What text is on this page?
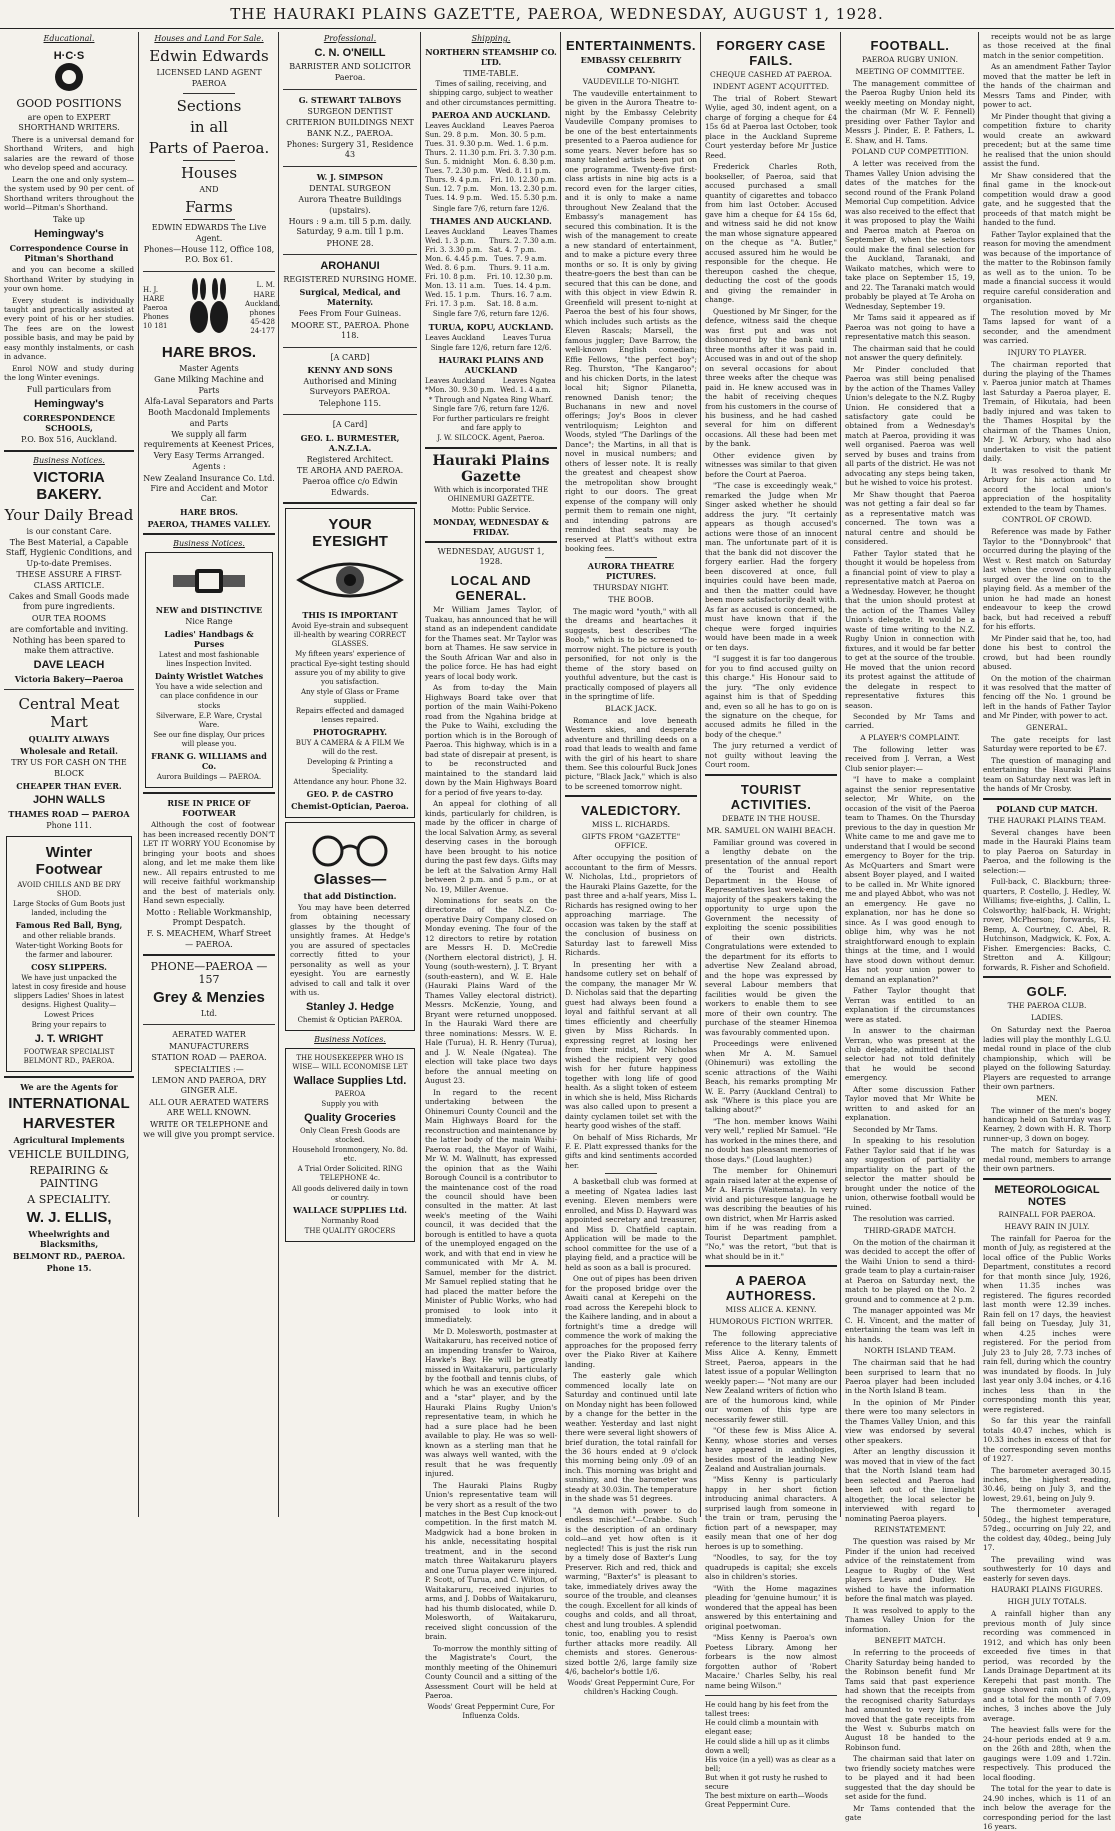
THE HAURAKI PLAINS GAZETTE, PAEROA, WEDNESDAY, AUGUST 1, 1928.
Educational.
H·C·S
GOOD POSITIONS
are open to EXPERT SHORTHAND WRITERS.
There is a universal demand for Shorthand Writers, and high salaries are the reward of those who develop speed and accuracy.
Learn the one and only system—the system used by 90 per cent. of Shorthand writers throughout the world—Pitman's Shorthand.
Take up
Hemingway's
Correspondence Course in Pitman's Shorthand
and you can become a skilled Shorthand Writer by studying in your own home.
Every student is individually taught and practically assisted at every point of his or her studies. The fees are on the lowest possible basis, and may be paid by easy monthly instalments, or cash in advance.
Enrol NOW and study during the long Winter evenings.
Full particulars from
Hemingway's
CORRESPONDENCE SCHOOLS,
P.O. Box 516, Auckland.
Business Notices.
VICTORIA BAKERY.
Your Daily Bread
is our constant Care.
The Best Material, a Capable Staff, Hygienic Conditions, and Up-to-date Premises.
THESE ASSURE A FIRST-CLASS ARTICLE.
Cakes and Small Goods made from pure ingredients.
OUR TEA ROOMS
are comfortable and inviting. Nothing has been spared to make them attractive.
DAVE LEACH
Victoria Bakery—Paeroa
Central Meat Mart
QUALITY ALWAYS
Wholesale and Retail.
TRY US FOR CASH ON THE BLOCK
CHEAPER THAN EVER.
JOHN WALLS
THAMES ROAD — PAEROA
Phone 111.
Winter Footwear
AVOID CHILLS AND BE DRY SHOD.
Large Stocks of Gum Boots just landed, including the
Famous Red Ball, Byng,
and other reliable brands.
Water-tight Working Boots for the farmer and labourer.
COSY SLIPPERS.
We have just unpacked the latest in cosy fireside and house slippers Ladies' Shoes in latest designs. Highest Quality—Lowest Prices
Bring your repairs to
J. T. WRIGHT
FOOTWEAR SPECIALIST BELMONT RD., PAEROA.
We are the Agents for
INTERNATIONAL
HARVESTER
Agricultural Implements
VEHICLE BUILDING,
REPAIRING & PAINTING
A SPECIALITY.
W. J. ELLIS,
Wheelwrights and Blacksmiths,
BELMONT RD., PAEROA.
Phone 15.
Houses and Land For Sale.
Edwin Edwards
LICENSED LAND AGENT
PAEROA
Sections
in all
Parts of Paeroa.
Houses
AND
Farms
EDWIN EDWARDS The Live Agent.
Phones—House 112, Office 108, P.O. Box 61.
H. J. HARE Paeroa Phones 10 181
L. M. HARE Auckland. phones 45-428 24-177
HARE BROS.
Master Agents
Gane Milking Machine and Parts
Alfa-Laval Separators and Parts
Booth Macdonald Implements and Parts
We supply all farm requirements at Keenest Prices, Very Easy Terms Arranged.
Agents :
New Zealand Insurance Co. Ltd. Fire and Accident and Motor Car.
HARE BROS.
PAEROA, THAMES VALLEY.
Business Notices.
NEW and DISTINCTIVE
Nice Range
Ladies' Handbags & Purses
Latest and most fashionable lines Inspection Invited.
Dainty Wristlet Watches
You have a wide selection and can place confidence in our stocks
Silverware, E.P. Ware, Crystal Ware.
See our fine display, Our prices will please you.
FRANK G. WILLIAMS and Co.
Aurora Buildings — PAEROA.
RISE IN PRICE OF FOOTWEAR
Although the cost of footwear has been increased recently DON'T LET IT WORRY YOU Economise by bringing your boots and shoes along, and let me make them like new.. All repairs entrusted to me will receive faithful workmanship and the best of materials only. Hand sewn especially.
Motto : Reliable Workmanship, Prompt Despatch.
F. S. MEACHEM, Wharf Street — PAEROA.
PHONE—PAEROA —157
Grey & Menzies
Ltd.
AERATED WATER
MANUFACTURERS
STATION ROAD — PAEROA.
SPECIALTIES :—
LEMON AND PAEROA, DRY GINGER ALE.
ALL OUR AERATED WATERS ARE WELL KNOWN.
WRITE OR TELEPHONE and we will give you prompt service.
Professional.
C. N. O'NEILL
BARRISTER AND SOLICITOR
Paeroa.
G. STEWART TALBOYS
SURGEON DENTIST
CRITERION BUILDINGS NEXT BANK N.Z., PAEROA.
Phones: Surgery 31, Residence 43
W. J. SIMPSON
DENTAL SURGEON
Aurora Theatre Buildings (upstairs).
Hours : 9 a.m. till 5 p.m. daily. Saturday, 9 a.m. till 1 p.m.
PHONE 28.
AROHANUI
REGISTERED NURSING HOME.
Surgical, Medical, and Maternity.
Fees From Four Guineas.
MOORE ST., PAEROA. Phone 118.
[A CARD]
KENNY AND SONS
Authorised and Mining Surveyors PAEROA.
Telephone 115.
[A Card]
GEO. L. BURMESTER, A.N.Z.I.A.
Registered Architect.
TE AROHA AND PAEROA.
Paeroa office c/o Edwin Edwards.
YOUR EYESIGHT
THIS IS IMPORTANT
Avoid Eye-strain and subsequent ill-health by wearing CORRECT GLASSES.
My fifteen years' experience of practical Eye-sight testing should assure you of my ability to give you satisfaction.
Any style of Glass or Frame supplied.
Repairs effected and damaged lenses repaired.
PHOTOGRAPHY.
BUY A CAMERA & A FILM We will do the rest.
Developing & Printing a Speciality.
Attendance any hour. Phone 32.
GEO. P. de CASTRO
Chemist-Optician, Paeroa.
Glasses—
that add Distinction.
You may have been deterred from obtaining necessary glasses by the thought of unsightly frames. At Hedge's you are assured of spectacles correctly fitted to your personality as well as your eyesight. You are earnestly advised to call and talk it over with us.
Stanley J. Hedge
Chemist & Optician PAEROA.
Business Notices.
THE HOUSEKEEPER WHO IS WISE— WILL ECONOMISE LET
Wallace Supplies Ltd.
PAEROA
Supply you with
Quality Groceries
Only Clean Fresh Goods are stocked.
Household Ironmongery, No. 8d. etc.
A Trial Order Solicited. RING TELEPHONE 4c.
All goods delivered daily in town or country.
WALLACE SUPPLIES Ltd.
Normanby Road
THE QUALITY GROCERS
Shipping.
NORTHERN STEAMSHIP CO. LTD.
TIME-TABLE.
Times of sailing, receiving, and shipping cargo, subject to weather and other circumstances permitting.
PAEROA AND AUCKLAND.
Leaves Auckland        Leaves Paeroa
Sun. 29. 8 p.m.     Mon. 30. 5 p.m.
Tues. 31. 9.30 p.m.  Wed. 1. 6 p.m.
Thurs. 2. 11.30 p.m. Fri. 3. 7.30 p.m.
Sun. 5. midnight    Mon. 6. 8.30 p.m.
Tues. 7. 2.30 p.m.   Wed. 8. 11 p.m.
Thurs. 9. 4 p.m.    Fri. 10. 12.30 p.m.
Sun. 12. 7 p.m.     Mon. 13. 2.30 p.m.
Tues. 14. 9 p.m.    Wed. 15. 5.30 p.m.
Single fare 7/6, return fare 12/6.
THAMES AND AUCKLAND.
Leaves Auckland        Leaves Thames
Wed. 1. 3 p.m.      Thurs. 2. 7.30 a.m.
Fri. 3. 3.30 p.m.   Sat. 4. 7 p.m.
Mon. 6. 4.45 p.m.   Tues. 7. 9 a.m.
Wed. 8. 6 p.m.      Thurs. 9. 11 a.m.
Fri. 10. 8 p.m.     Fri. 10. 12.30 p.m.
Mon. 13. 11 a.m.    Tues. 14. 4 p.m.
Wed. 15. 1 p.m.     Thurs. 16. 7 a.m.
Fri. 17. 3 p.m.     Sat. 18. 8 a.m.
Single fare 7/6, return fare 12/6.
TURUA, KOPU, AUCKLAND.
Leaves Auckland        Leaves Turua
Single fare 12/6, return fare 12/6.
HAURAKI PLAINS AND AUCKLAND
Leaves Auckland        Leaves Ngatea
*Mon. 30. 9.30 p.m.  Wed. 1. 4 a.m.
* Through and Ngatea Ring Wharf. Single fare 7/6, return fare 12/6.
For further particulars re freight and fare apply to
J. W. SILCOCK. Agent, Paeroa.
Hauraki Plains Gazette
With which is incorporated THE OHINEMURI GAZETTE.
Motto: Public Service.
MONDAY, WEDNESDAY & FRIDAY.
WEDNESDAY, AUGUST 1, 1928.
LOCAL AND GENERAL.
Mr William James Taylor, of Tuakau, has announced that he will stand as an independent candidate for the Thames seat. Mr Taylor was born at Thames. He saw service in the South African War and also in the police force. He has had eight years of local body work.
As from to-day the Main Highways Board take over that portion of the main Waihi-Pokeno road from the Ngahina bridge at the Puke to Waihi, excluding the portion which is in the Borough of Paeroa. This highway, which is in a bad state of disrepair at present, is to be reconstructed and maintained to the standard laid down by the Main Highways Board for a period of five years to-day.
An appeal for clothing of all kinds, particularly for children, is made by the officer in charge of the local Salvation Army, as several deserving cases in the borough have been brought to his notice during the past few days. Gifts may be left at the Salvation Army Hall between 2 p.m. and 5 p.m., or at No. 19, Miller Avenue.
Nominations for seats on the directorate of the N.Z. Co-operative Dairy Company closed on Monday evening. The four of the 12 directors to retire by rotation are Messrs H. D. McCredie (Northern electoral district), J. H. Young (south-western), J. T. Bryant (south-eastern), and W. E. Hale (Hauraki Plains Ward of the Thames Valley electoral district). Messrs. McKenzie, Young, and Bryant were returned unopposed. In the Hauraki Ward there are three nominations: Messrs. W. E. Hale (Turua), H. R. Henry (Turua), and J. W. Neale (Ngatea). The election will take place two days before the annual meeting on August 23.
In regard to the recent undertaking between the Ohinemuri County Council and the Main Highways Board for the reconstruction and maintenance by the latter body of the main Waihi-Paeroa road, the Mayor of Waihi, Mr W. M. Wallnutt, has expressed the opinion that as the Waihi Borough Council is a contributor to the maintenance cost of the road the council should have been consulted in the matter. At last week's meeting of the Waihi council, it was decided that the borough is entitled to have a quota of the unemployed engaged on the work, and with that end in view he communicated with Mr A. M. Samuel, member for the district. Mr Samuel replied stating that he had placed the matter before the Minister of Public Works, who had promised to look into it immediately.
Mr D. Molesworth, postmaster at Waitakaruru, has received notice of an impending transfer to Wairoa, Hawke's Bay. He will be greatly missed in Waitakaruru, particularly by the football and tennis clubs, of which he was an executive officer and a "star" player, and by the Hauraki Plains Rugby Union's representative team, in which he had a sure place had he been available to play. He was so well-known as a sterling man that he was always well wanted, with the result that he was frequently injured.
The Hauraki Plains Rugby Union's representative team will be very short as a result of the two matches in the Best Cup knock-out competition. In the first match M. Madgwick had a bone broken in his ankle, necessitating hospital treatment, and in the second match three Waitakaruru players and one Turua player were injured. P. Scott, of Turua, and C. Wilton, of Waitakaruru, received injuries to arms, and J. Dobbs of Waitakaruru, had his thumb dislocated, while D. Molesworth, of Waitakaruru, received slight concussion of the brain.
To-morrow the monthly sitting of the Magistrate's Court, the monthly meeting of the Ohinemuri County Council and a sitting of the Assessment Court will be held at Paeroa.
Woods' Great Peppermint Cure, For Influenza Colds.
ENTERTAINMENTS.
EMBASSY CELEBRITY COMPANY.
VAUDEVILLE TO-NIGHT.
The vaudeville entertainment to be given in the Aurora Theatre to-night by the Embassy Celebrity Vaudeville Company promises to be one of the best entertainments presented to a Paeroa audience for some years. Never before has so many talented artists been put on one programme. Twenty-five first-class artists in nine big acts is a record even for the larger cities, and it is only to make a name throughout New Zealand that the Embassy's management has secured this combination. It is the wish of the management to create a new standard of entertainment, and to make a picture every three months or so. It is only by giving theatre-goers the best than can be secured that this can be done, and with this object in view Edwin R. Greenfield will present to-night at Paeroa the best of his four shows, which includes such artists as the Eleven Rascals; Marsell, the famous juggler; Dave Barrow, the well-known English comedian; Effie Fellows, "the perfect boy"; Reg. Thurston, "The Kangaroo"; and his chicken Dorts, in the latest local hit; Signor Pilanetta, renowned Danish tenor; the Buchanans in new and novel offerings; Joy's Boos in clever ventriloquism; Leighton and Woods, styled "The Darlings of the Dance"; the Martins, in all that is novel in musical numbers; and others of lesser note. It is really the greatest and cheapest show the metropolitan show brought right to our doors. The great expense of the company will only permit them to remain one night, and intending patrons are reminded that seats may be reserved at Platt's without extra booking fees.
AURORA THEATRE PICTURES.
THURSDAY NIGHT.
THE BOOB.
The magic word "youth," with all the dreams and heartaches it suggests, best describes "The Boob," which is to be screened to-morrow night. The picture is youth personified, for not only is the theme of the story based on youthful adventure, but the cast is practically composed of players all in the springtime of life.
BLACK JACK.
Romance and love beneath Western skies, and desperate adventure and thrilling deeds on a road that leads to wealth and fame with the girl of his heart to share them. See this colourful Buck Jones picture, "Black Jack," which is also to be screened tomorrow night.
VALEDICTORY.
MISS L. RICHARDS.
GIFTS FROM "GAZETTE" OFFICE.
After occupying the position of accountant to the firm of Messrs. W. Nicholas, Ltd., proprietors of the Hauraki Plains Gazette, for the past three and a-half years, Miss L. Richards has resigned owing to her approaching marriage. The occasion was taken by the staff at the conclusion of business on Saturday last to farewell Miss Richards.
In presenting her with a handsome cutlery set on behalf of the company, the manager Mr W. D. Nicholas said that the departing guest had always been found a loyal and faithful servant at all times efficiently and cheerfully given by Miss Richards. In expressing regret at losing her from their midst, Mr Nicholas wished the recipient very good wish for her future happiness together with long life of good health. As a slight token of esteem in which she is held, Miss Richards was also called upon to present a dainty cyclamen toilet set with the hearty good wishes of the staff.
On behalf of Miss Richards, Mr F. E. Platt expressed thanks for the gifts and kind sentiments accorded her.
A basketball club was formed at a meeting of Ngatea ladies last evening. Eleven members were enrolled, and Miss D. Hayward was appointed secretary and treasurer, and Miss D. Chatfield captain. Application will be made to the school committee for the use of a playing field, and a practice will be held as soon as a ball is procured.
One out of pipes has been driven for the proposed bridge over the Awaiti canal at Kerepehi on the road across the Kerepehi block to the Kaihere landing, and in about a fortnight's time a dredge will commence the work of making the approaches for the proposed ferry over the Piako River at Kaihere landing.
The easterly gale which commenced locally late on Saturday and continued until late on Monday night has been followed by a change for the better in the weather. Yesterday and last night there were several light showers of brief duration, the total rainfall for the 36 hours ended at 9 o'clock this morning being only .09 of an inch. This morning was bright and sunshiny, and the barometer was steady at 30.03in. The temperature in the shade was 51 degrees.
"A demon with power to do endless mischief."—Crabbe. Such is the description of an ordinary cold—and yet how often is it neglected! This is just the risk run by a timely dose of Baxter's Lung Preserver. Rich and red, thick and warming, "Baxter's" is pleasant to take, immediately drives away the source of the trouble, and cleanses the cough. Excellent for all kinds of coughs and colds, and all throat, chest and lung troubles. A splendid tonic, too, enabling you to resist further attacks more readily. All chemists and stores. Generous-sized bottle 2/6, large family size 4/6, bachelor's bottle 1/6.
Woods' Great Peppermint Cure, For children's Hacking Cough.
FORGERY CASE FAILS.
CHEQUE CASHED AT PAEROA.
INDENT AGENT ACQUITTED.
The trial of Robert Stewart Wylie, aged 30, indent agent, on a charge of forging a cheque for £4 15s 6d at Paeroa last October, took place in the Auckland Supreme Court yesterday before Mr Justice Reed.
Frederick Charles Roth, bookseller, of Paeroa, said that accused purchased a small quantity of cigarettes and tobacco from him last October. Accused gave him a cheque for £4 15s 6d, and witness said he did not know the man whose signature appeared on the cheque as "A. Butler," accused assured him he would be responsible for the cheque. He thereupon cashed the cheque, deducting the cost of the goods and giving the remainder in change.
Questioned by Mr Singer, for the defence, witness said the cheque was first put and was not dishonoured by the bank until three months after it was paid in. Accused was in and out of the shop on several occasions for about three weeks after the cheque was paid in. He knew accused was in the habit of receiving cheques from his customers in the course of his business, and he had cashed several for him on different occasions. All these had been met by the bank.
Other evidence given by witnesses was similar to that given before the Court at Paeroa.
"The case is exceedingly weak," remarked the Judge when Mr Singer asked whether he should address the jury. "It certainly appears as though accused's actions were those of an innocent man. The unfortunate part of it is that the bank did not discover the forgery earlier. Had the forgery been discovered at once, full inquiries could have been made, and then the matter could have been more satisfactorily dealt with. As far as accused is concerned, he must have known that if the cheque were forged inquiries would have been made in a week or ten days.
"I suggest it is far too dangerous for you to find accused guilty on this charge." His Honour said to the jury. "The only evidence against him is that of Spedding and, even so all he has to go on is the signature on the cheque, for accused admits he filled in the body of the cheque."
The jury returned a verdict of not guilty without leaving the Court room.
TOURIST ACTIVITIES.
DEBATE IN THE HOUSE.
MR. SAMUEL ON WAIHI BEACH.
Familiar ground was covered in a lengthy debate on the presentation of the annual report of the Tourist and Health Department in the House of Representatives last week-end, the majority of the speakers taking the opportunity to urge upon the Government the necessity of exploiting the scenic possibilities of their own districts. Congratulations were extended to the department for its efforts to advertise New Zealand abroad, and the hope was expressed by several Labour members that facilities would be given the workers to enable them to see more of their own country. The purchase of the steamer Hinemoa was favourably commented upon.
Proceedings were enlivened when Mr A. M. Samuel (Ohinemuri) was extolling the scenic attractions of the Waihi Beach, his remarks prompting Mr W. E. Parry (Auckland Central) to ask "Where is this place you are talking about?"
"The hon. member knows Waihi very well," replied Mr Samuel. "He has worked in the mines there, and no doubt has pleasant memories of those days." (Loud laughter.)
The member for Ohinemuri again raised later at the expense of Mr A. Harris (Waitemata). In very vivid and picturesque language he was describing the beauties of his own district, when Mr Harris asked him if he was reading from a Tourist Department pamphlet. "No," was the retort, "but that is what should be in it."
A PAEROA AUTHORESS.
MISS ALICE A. KENNY.
HUMOROUS FICTION WRITER.
The following appreciative reference to the literary talents of Miss Alice A. Kenny, Emmett Street, Paeroa, appears in the latest issue of a popular Wellington weekly paper:— "Not many are our New Zealand writers of fiction who are of the humorous kind, while our women of this type are necessarily fewer still.
"Of these few is Miss Alice A. Kenny, whose stories and verses have appeared in anthologies, besides most of the leading New Zealand and Australian journals.
"Miss Kenny is particularly happy in her short fiction introducing animal characters. A surprised laugh from someone in the train or tram, perusing the fiction part of a newspaper, may easily mean that one of her dog heroes is up to something.
"Noodles, to say, for the toy quadrupeds is capital; she excels also in children's stories.
"With the Home magazines pleading for 'genuine humour,' it is wondered that the appeal has been answered by this entertaining and original poetwoman.
"Miss Kenny is Paeroa's own Poetess Library. Among her forbears is the now almost forgotten author of 'Robert Macaire.' Charles Selby, his real name being Wilson."
He could hang by his feet from the tallest trees:
He could climb a mountain with elegant ease;
He could slide a hill up as it climbs down a well;
His voice (in a yell) was as clear as a bell;
But when it got rusty he rushed to secure
The best mixture on earth—Woods Great Peppermint Cure.
FOOTBALL.
PAEROA RUGBY UNION.
MEETING OF COMMITTEE.
The management committee of the Paeroa Rugby Union held its weekly meeting on Monday night, the chairman (Mr W. F. Fennell) presiding over Father Taylor and Messrs J. Pinder, E. P. Fathers, L. E. Shaw, and H. Tams.
POLAND CUP COMPETITION.
A letter was received from the Thames Valley Union advising the dates of the matches for the second round of the Frank Poland Memorial Cup competition. Advice was also received to the effect that it was proposed to play the Waihi and Paeroa match at Paeroa on September 8, when the selectors could make the final selection for the Auckland, Taranaki, and Waikato matches, which were to take place on September 15, 19, and 22. The Taranaki match would probably be played at Te Aroha on Wednesday, September 19.
Mr Tams said it appeared as if Paeroa was not going to have a representative match this season.
The chairman said that he could not answer the query definitely.
Mr Pinder concluded that Paeroa was still being penalised by the action of the Thames Valley Union's delegate to the N.Z. Rugby Union. He considered that a satisfactory gate could be obtained from a Wednesday's match at Paeroa, providing it was well organised. Paeroa was well served by buses and trains from all parts of the district. He was not advocating any steps being taken, but he wished to voice his protest.
Mr Shaw thought that Paeroa was not getting a fair deal so far as a representative match was concerned. The town was a natural centre and should be considered.
Father Taylor stated that he thought it would be hopeless from a financial point of view to play a representative match at Paeroa on a Wednesday. However, he thought that the union should protest at the action of the Thames Valley Union's delegate. It would be a waste of time writing to the N.Z. Rugby Union in connection with fixtures, and it would be far better to get at the source of the trouble. He moved that the union record its protest against the attitude of the delegate in respect to representative fixtures this season.
Seconded by Mr Tams and carried.
A PLAYER'S COMPLAINT.
The following letter was received from J. Verran, a West Club senior player:—
"I have to make a complaint against the senior representative selector, Mr White, on the occasion of the visit of the Paeroa team to Thames. On the Thursday previous to the day in question Mr White came to me and gave me to understand that I would be second emergency to Boyer for the trip. As McQuarters and Smart were absent Boyer played, and I waited to be called in. Mr White ignored me and played Abbot, who was not an emergency. He gave no explanation, nor has he done so since. As I was good enough to oblige him, why was he not straightforward enough to explain things at the time, and I would have stood down without demur. Has not your union power to demand an explanation?"
Father Taylor thought that Verran was entitled to an explanation if the circumstances were as stated.
In answer to the chairman Verran, who was present at the club delegate, admitted that the selector had not told definitely that he would be second emergency.
After some discussion Father Taylor moved that Mr White be written to and asked for an explanation.
Seconded by Mr Tams.
In speaking to his resolution Father Taylor said that if he was any suggestion of partiality or impartiality on the part of the selector the matter should be brought under the notice of the union, otherwise football would be ruined.
The resolution was carried.
THIRD-GRADE MATCH.
On the motion of the chairman it was decided to accept the offer of the Waihi Union to send a third-grade team to play a curtain-raiser at Paeroa on Saturday next, the match to be played on the No. 2 ground and to commence at 2 p.m.
The manager appointed was Mr C. H. Vincent, and the matter of entertaining the team was left in his hands.
NORTH ISLAND TEAM.
The chairman said that he had been surprised to learn that no Paeroa player had been included in the North Island B team.
In the opinion of Mr Pinder there were too many selectors in the Thames Valley Union, and this view was endorsed by several other speakers.
After an lengthy discussion it was moved that in view of the fact that the North Island team had been selected and Paeroa had been left out of the limelight altogether, the local selector be interviewed with regard to nominating Paeroa players.
REINSTATEMENT.
The question was raised by Mr Pinder if the union had received advice of the reinstatement from League to Rugby of the West players Lewis and Dudley. He wished to have the information before the final match was played.
It was resolved to apply to the Thames Valley Union for the information.
BENEFIT MATCH.
In referring to the proceeds of Charity Saturday being handed to the Robinson benefit fund Mr Tams said that past experience had shown that the receipts from the recognised charity Saturdays had amounted to very little. He moved that the gate receipts from the West v. Suburbs match on August 18 be handed to the Robinson fund.
The chairman said that later on two friendly society matches were to be played and it had been suggested that the day should be set aside for the fund.
Mr Tams contended that the gate
receipts would not be as large as those received at the final match in the senior competition.
As an amendment Father Taylor moved that the matter be left in the hands of the chairman and Messrs Tams and Pinder, with power to act.
Mr Pinder thought that giving a competition fixture to charity would create an awkward precedent; but at the same time he realised that the union should assist the fund.
Mr Shaw considered that the final game in the knock-out competition would draw a good gate, and he suggested that the proceeds of that match might be handed to the fund.
Father Taylor explained that the reason for moving the amendment was because of the importance of the matter to the Robinson family as well as to the union. To be made a financial success it would require careful consideration and organisation.
The resolution moved by Mr Tams lapsed for want of a seconder, and the amendment was carried.
INJURY TO PLAYER.
The chairman reported that during the playing of the Thames v. Paeroa junior match at Thames last Saturday a Paeroa player, E. Tremain, of Hikutaia, had been badly injured and was taken to the Thames Hospital by the chairman of the Thames Union, Mr J. W. Arbury, who had also undertaken to visit the patient daily.
It was resolved to thank Mr Arbury for his action and to accord the local union's appreciation of the hospitality extended to the team by Thames.
CONTROL OF CROWD.
Reference was made by Father Taylor to the "Donnybrook" that occurred during the playing of the West v. Rest match on Saturday last when the crowd continually surged over the line on to the playing field. As a member of the union he had made an honest endeavour to keep the crowd back, but had received a rebuff for his efforts.
Mr Pinder said that he, too, had done his best to control the crowd, but had been roundly abused.
On the motion of the chairman it was resolved that the matter of fencing off the No. 1 ground be left in the hands of Father Taylor and Mr Pinder, with power to act.
GENERAL.
The gate receipts for last Saturday were reported to be £7.
The question of managing and entertaining the Hauraki Plains team on Saturday next was left in the hands of Mr Crosby.
POLAND CUP MATCH.
THE HAURAKI PLAINS TEAM.
Several changes have been made in the Hauraki Plains team to play Paeroa on Saturday in Paeroa, and the following is the selection:—
Full-back, C. Blackburn; three-quarters, P. Costello, J. Hedley, W. Williams; five-eighths, J. Callin, L. Colsworthy; half-back, H. Wright; rover, McPherson; forwards, H. Bemp, A. Courtney, C. Abel, R. Hutchinson, Madgwick, K. Fox, A. Fisher. Emergencies: Backs, C. Stretton and A. Killgour; forwards, R. Fisher and Schofield.
GOLF.
THE PAEROA CLUB.
LADIES.
On Saturday next the Paeroa ladies will play the monthly L.G.U. medal round in place of the club championship, which will be played on the following Saturday. Players are requested to arrange their own partners.
MEN.
The winner of the men's bogey handicap held on Saturday was T. Kearney, 2 down with H. R. Thorp runner-up, 3 down on bogey.
The match for Saturday is a medal round, members to arrange their own partners.
METEOROLOGICAL NOTES
RAINFALL FOR PAEROA.
HEAVY RAIN IN JULY.
The rainfall for Paeroa for the month of July, as registered at the local office of the Public Works Department, constitutes a record for that month since July, 1926, when 11.35 inches was registered. The figures recorded last month were 12.39 inches. Rain fell on 17 days, the heaviest fall being on Tuesday, July 31, when 4.25 inches were registered. For the period from July 23 to July 28, 7.73 inches of rain fell, during which the country was inundated by floods. In July last year only 3.04 inches, or 4.16 inches less than in the corresponding month this year, were registered.
So far this year the rainfall totals 40.47 inches, which is 10.33 inches in excess of that for the corresponding seven months of 1927.
The barometer averaged 30.15 inches, the highest reading, 30.46, being on July 3, and the lowest, 29.61, being on July 9.
The thermometer averaged 50deg., the highest temperature, 57deg., occurring on July 22, and the coldest day, 40deg., being July 17.
The prevailing wind was southwesterly for 10 days and easterly for seven days.
HAURAKI PLAINS FIGURES.
HIGH JULY TOTALS.
A rainfall higher than any previous month of July since recording was commenced in 1912, and which has only been exceeded five times in that period, was recorded by the Lands Drainage Department at its Kerepehi that past month. The gauge showed rain on 17 days, and a total for the month of 7.09 inches, 3 inches above the July average.
The heaviest falls were for the 24-hour periods ended at 9 a.m. on the 26th and 28th, when the gaugings were 1.09 and 1.72in. respectively. This produced the local flooding.
The total for the year to date is 24.90 inches, which is 11 of an inch below the average for the corresponding period for the last 16 years.
